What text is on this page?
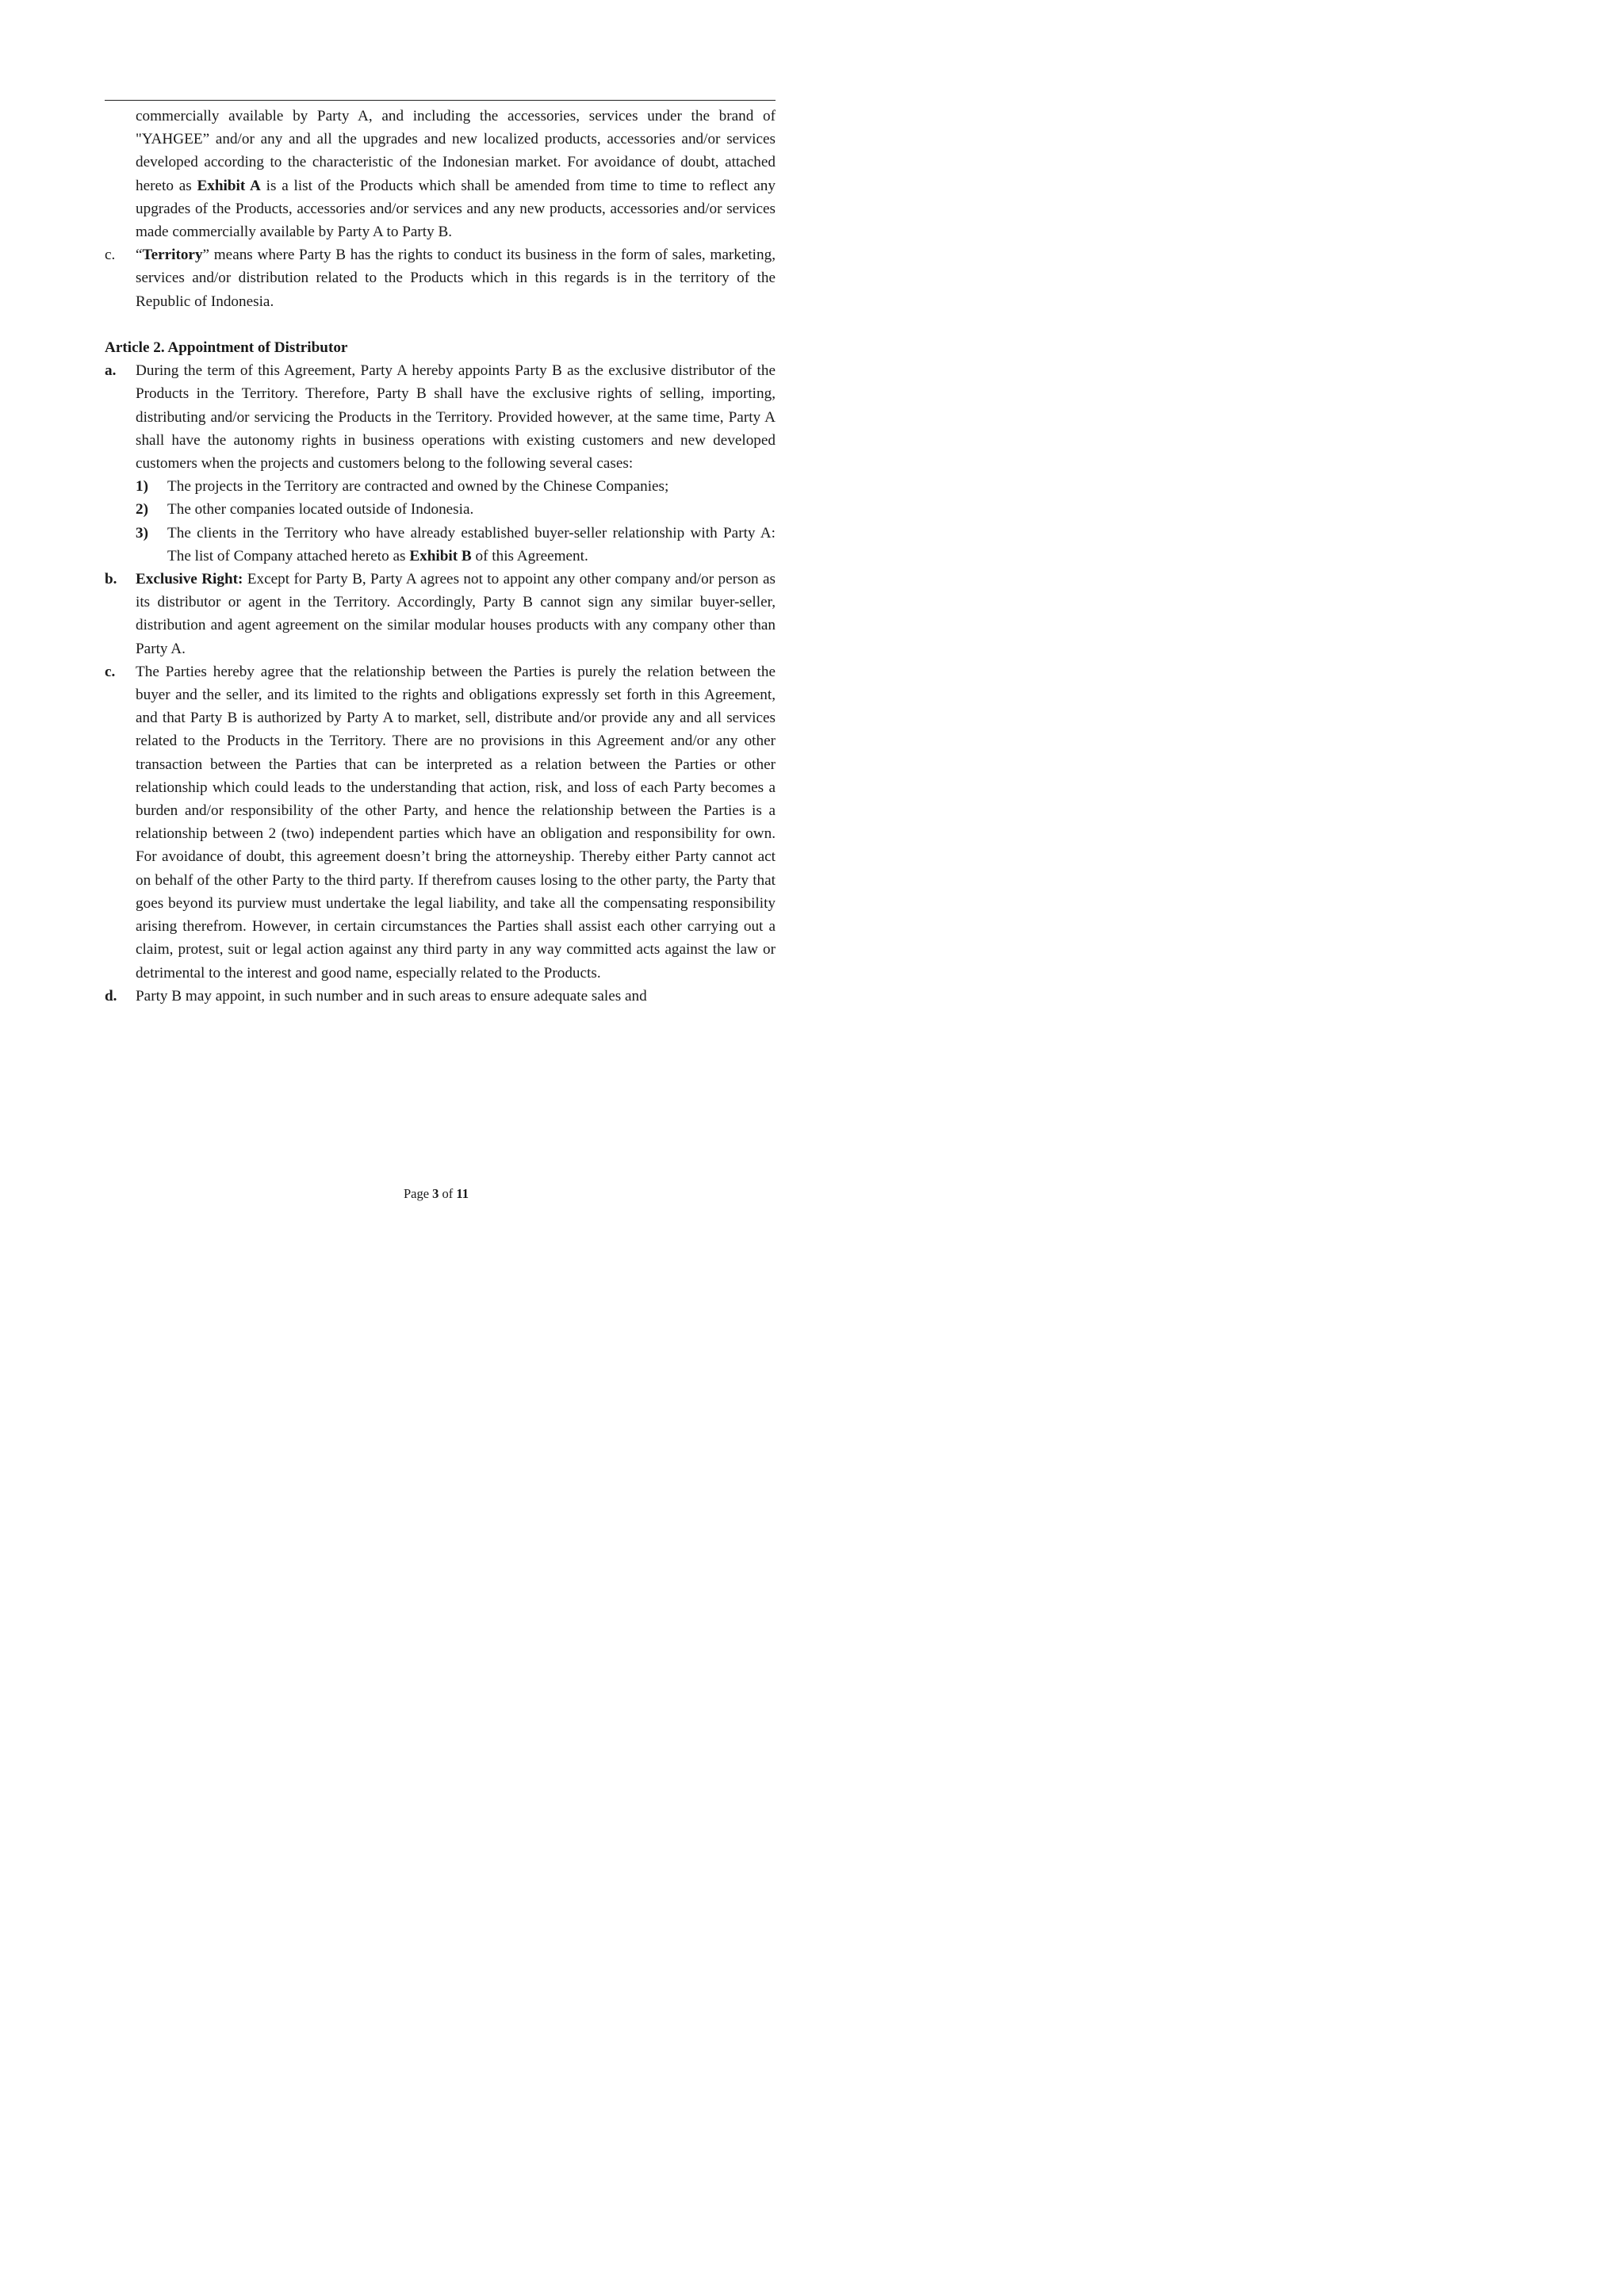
commercially available by Party A, and including the accessories, services under the brand of "YAHGEE” and/or any and all the upgrades and new localized products, accessories and/or services developed according to the characteristic of the Indonesian market. For avoidance of doubt, attached hereto as Exhibit A is a list of the Products which shall be amended from time to time to reflect any upgrades of the Products, accessories and/or services and any new products, accessories and/or services made commercially available by Party A to Party B.

c. “Territory” means where Party B has the rights to conduct its business in the form of sales, marketing, services and/or distribution related to the Products which in this regards is in the territory of the Republic of Indonesia.

Article 2. Appointment of Distributor

a. During the term of this Agreement, Party A hereby appoints Party B as the exclusive distributor of the Products in the Territory. Therefore, Party B shall have the exclusive rights of selling, importing, distributing and/or servicing the Products in the Territory. Provided however, at the same time, Party A shall have the autonomy rights in business operations with existing customers and new developed customers when the projects and customers belong to the following several cases:

1) The projects in the Territory are contracted and owned by the Chinese Companies;

2) The other companies located outside of Indonesia.

3) The clients in the Territory who have already established buyer-seller relationship with Party A: The list of Company attached hereto as Exhibit B of this Agreement.

b. Exclusive Right: Except for Party B, Party A agrees not to appoint any other company and/or person as its distributor or agent in the Territory. Accordingly, Party B cannot sign any similar buyer-seller, distribution and agent agreement on the similar modular houses products with any company other than Party A.

c. The Parties hereby agree that the relationship between the Parties is purely the relation between the buyer and the seller, and its limited to the rights and obligations expressly set forth in this Agreement, and that Party B is authorized by Party A to market, sell, distribute and/or provide any and all services related to the Products in the Territory. There are no provisions in this Agreement and/or any other transaction between the Parties that can be interpreted as a relation between the Parties or other relationship which could leads to the understanding that action, risk, and loss of each Party becomes a burden and/or responsibility of the other Party, and hence the relationship between the Parties is a relationship between 2 (two) independent parties which have an obligation and responsibility for own. For avoidance of doubt, this agreement doesn’t bring the attorneyship. Thereby either Party cannot act on behalf of the other Party to the third party. If therefrom causes losing to the other party, the Party that goes beyond its purview must undertake the legal liability, and take all the compensating responsibility arising therefrom. However, in certain circumstances the Parties shall assist each other carrying out a claim, protest, suit or legal action against any third party in any way committed acts against the law or detrimental to the interest and good name, especially related to the Products.

d. Party B may appoint, in such number and in such areas to ensure adequate sales and

Page 3 of 11
